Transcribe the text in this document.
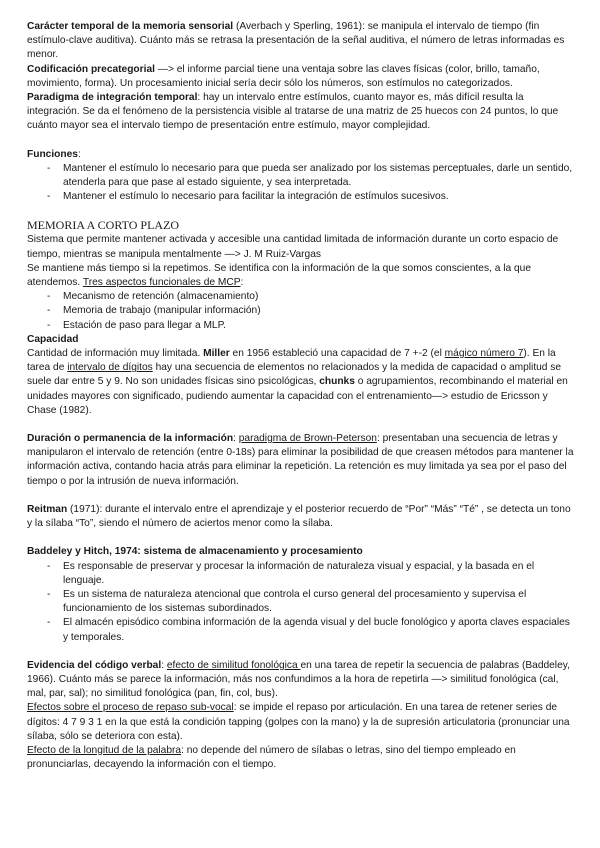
Carácter temporal de la memoria sensorial (Averbach y Sperling, 1961): se manipula el intervalo de tiempo (fin estímulo-clave auditiva). Cuánto más se retrasa la presentación de la señal auditiva, el número de letras informadas es menor.

Codificación precategorial —> el informe parcial tiene una ventaja sobre las claves físicas (color, brillo, tamaño, movimiento, forma). Un procesamiento inicial sería decir sólo los números, son estímulos no categorizados.

Paradigma de integración temporal: hay un intervalo entre estímulos, cuanto mayor es, más difícil resulta la integración. Se da el fenómeno de la persistencia visible al tratarse de una matriz de 25 huecos con 24 puntos, lo que cuánto mayor sea el intervalo tiempo de presentación entre estímulo, mayor complejidad.

Funciones:

- Mantener el estímulo lo necesario para que pueda ser analizado por los sistemas perceptuales, darle un sentido, atenderla para que pase al estado siguiente, y sea interpretada.
- Mantener el estímulo lo necesario para facilitar la integración de estímulos sucesivos.

MEMORIA A CORTO PLAZO

Sistema que permite mantener activada y accesible una cantidad limitada de información durante un corto espacio de tiempo, mientras se manipula mentalmente —> J. M Ruiz-Vargas

Se mantiene más tiempo si la repetimos. Se identifica con la información de la que somos conscientes, a la que atendemos. Tres aspectos funcionales de MCP:

- Mecanismo de retención (almacenamiento)
- Memoria de trabajo (manipular información)
- Estación de paso para llegar a MLP.

Capacidad

Cantidad de información muy limitada. Miller en 1956 estableció una capacidad de 7 +-2 (el mágico número 7). En la tarea de intervalo de dígitos hay una secuencia de elementos no relacionados y la medida de capacidad o amplitud se suele dar entre 5 y 9. No son unidades físicas sino psicológicas, chunks o agrupamientos, recombinando el material en unidades mayores con significado, pudiendo aumentar la capacidad con el entrenamiento—> estudio de Ericsson y Chase (1982).

Duración o permanencia de la información: paradigma de Brown-Peterson: presentaban una secuencia de letras y manipularon el intervalo de retención (entre 0-18s) para eliminar la posibilidad de que creasen métodos para mantener la información activa, contando hacia atrás para eliminar la repetición. La retención es muy limitada ya sea por el paso del tiempo o por la intrusión de nueva información.

Reitman (1971): durante el intervalo entre el aprendizaje y el posterior recuerdo de “Por” “Más” “Té” , se detecta un tono y la sílaba “To”, siendo el número de aciertos menor como la sílaba.

Baddeley y Hitch, 1974: sistema de almacenamiento y procesamiento

- Es responsable de preservar y procesar la información de naturaleza visual y espacial, y la basada en el lenguaje.
- Es un sistema de naturaleza atencional que controla el curso general del procesamiento y supervisa el funcionamiento de los sistemas subordinados.
- El almacén episódico combina información de la agenda visual y del bucle fonológico y aporta claves espaciales y temporales.

Evidencia del código verbal: efecto de similitud fonológica en una tarea de repetir la secuencia de palabras (Baddeley, 1966). Cuánto más se parece la información, más nos confundimos a la hora de repetirla —> similitud fonológica (cal, mal, par, sal); no similitud fonológica (pan, fin, col, bus).

Efectos sobre el proceso de repaso sub-vocal: se impide el repaso por articulación. En una tarea de retener series de dígitos: 4 7 9 3 1 en la que está la condición tapping (golpes con la mano) y la de supresión articulatoria (pronunciar una sílaba, sólo se deteriora con esta).

Efecto de la longitud de la palabra: no depende del número de sílabas o letras, sino del tiempo empleado en pronunciarlas, decayendo la información con el tiempo.
